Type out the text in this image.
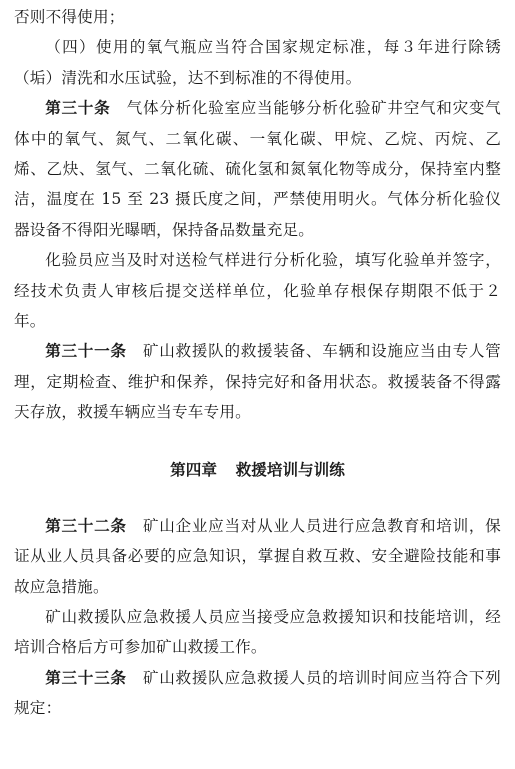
否则不得使用；

（四）使用的氧气瓶应当符合国家规定标准，每３年进行除锈（垢）清洗和水压试验，达不到标准的不得使用。

第三十条　气体分析化验室应当能够分析化验矿井空气和灾变气体中的氧气、氮气、二氧化碳、一氧化碳、甲烷、乙烷、丙烷、乙烯、乙炔、氢气、二氧化硫、硫化氢和氮氧化物等成分，保持室内整洁，温度在 15 至 23 摄氏度之间，严禁使用明火。气体分析化验仪器设备不得阳光曝晒，保持备品数量充足。

化验员应当及时对送检气样进行分析化验，填写化验单并签字，经技术负责人审核后提交送样单位，化验单存根保存期限不低于２年。

第三十一条　矿山救援队的救援装备、车辆和设施应当由专人管理，定期检查、维护和保养，保持完好和备用状态。救援装备不得露天存放，救援车辆应当专车专用。

第四章 救援培训与训练

第三十二条　矿山企业应当对从业人员进行应急教育和培训，保证从业人员具备必要的应急知识，掌握自救互救、安全避险技能和事故应急措施。

矿山救援队应急救援人员应当接受应急救援知识和技能培训，经培训合格后方可参加矿山救援工作。

第三十三条　矿山救援队应急救援人员的培训时间应当符合下列规定：
